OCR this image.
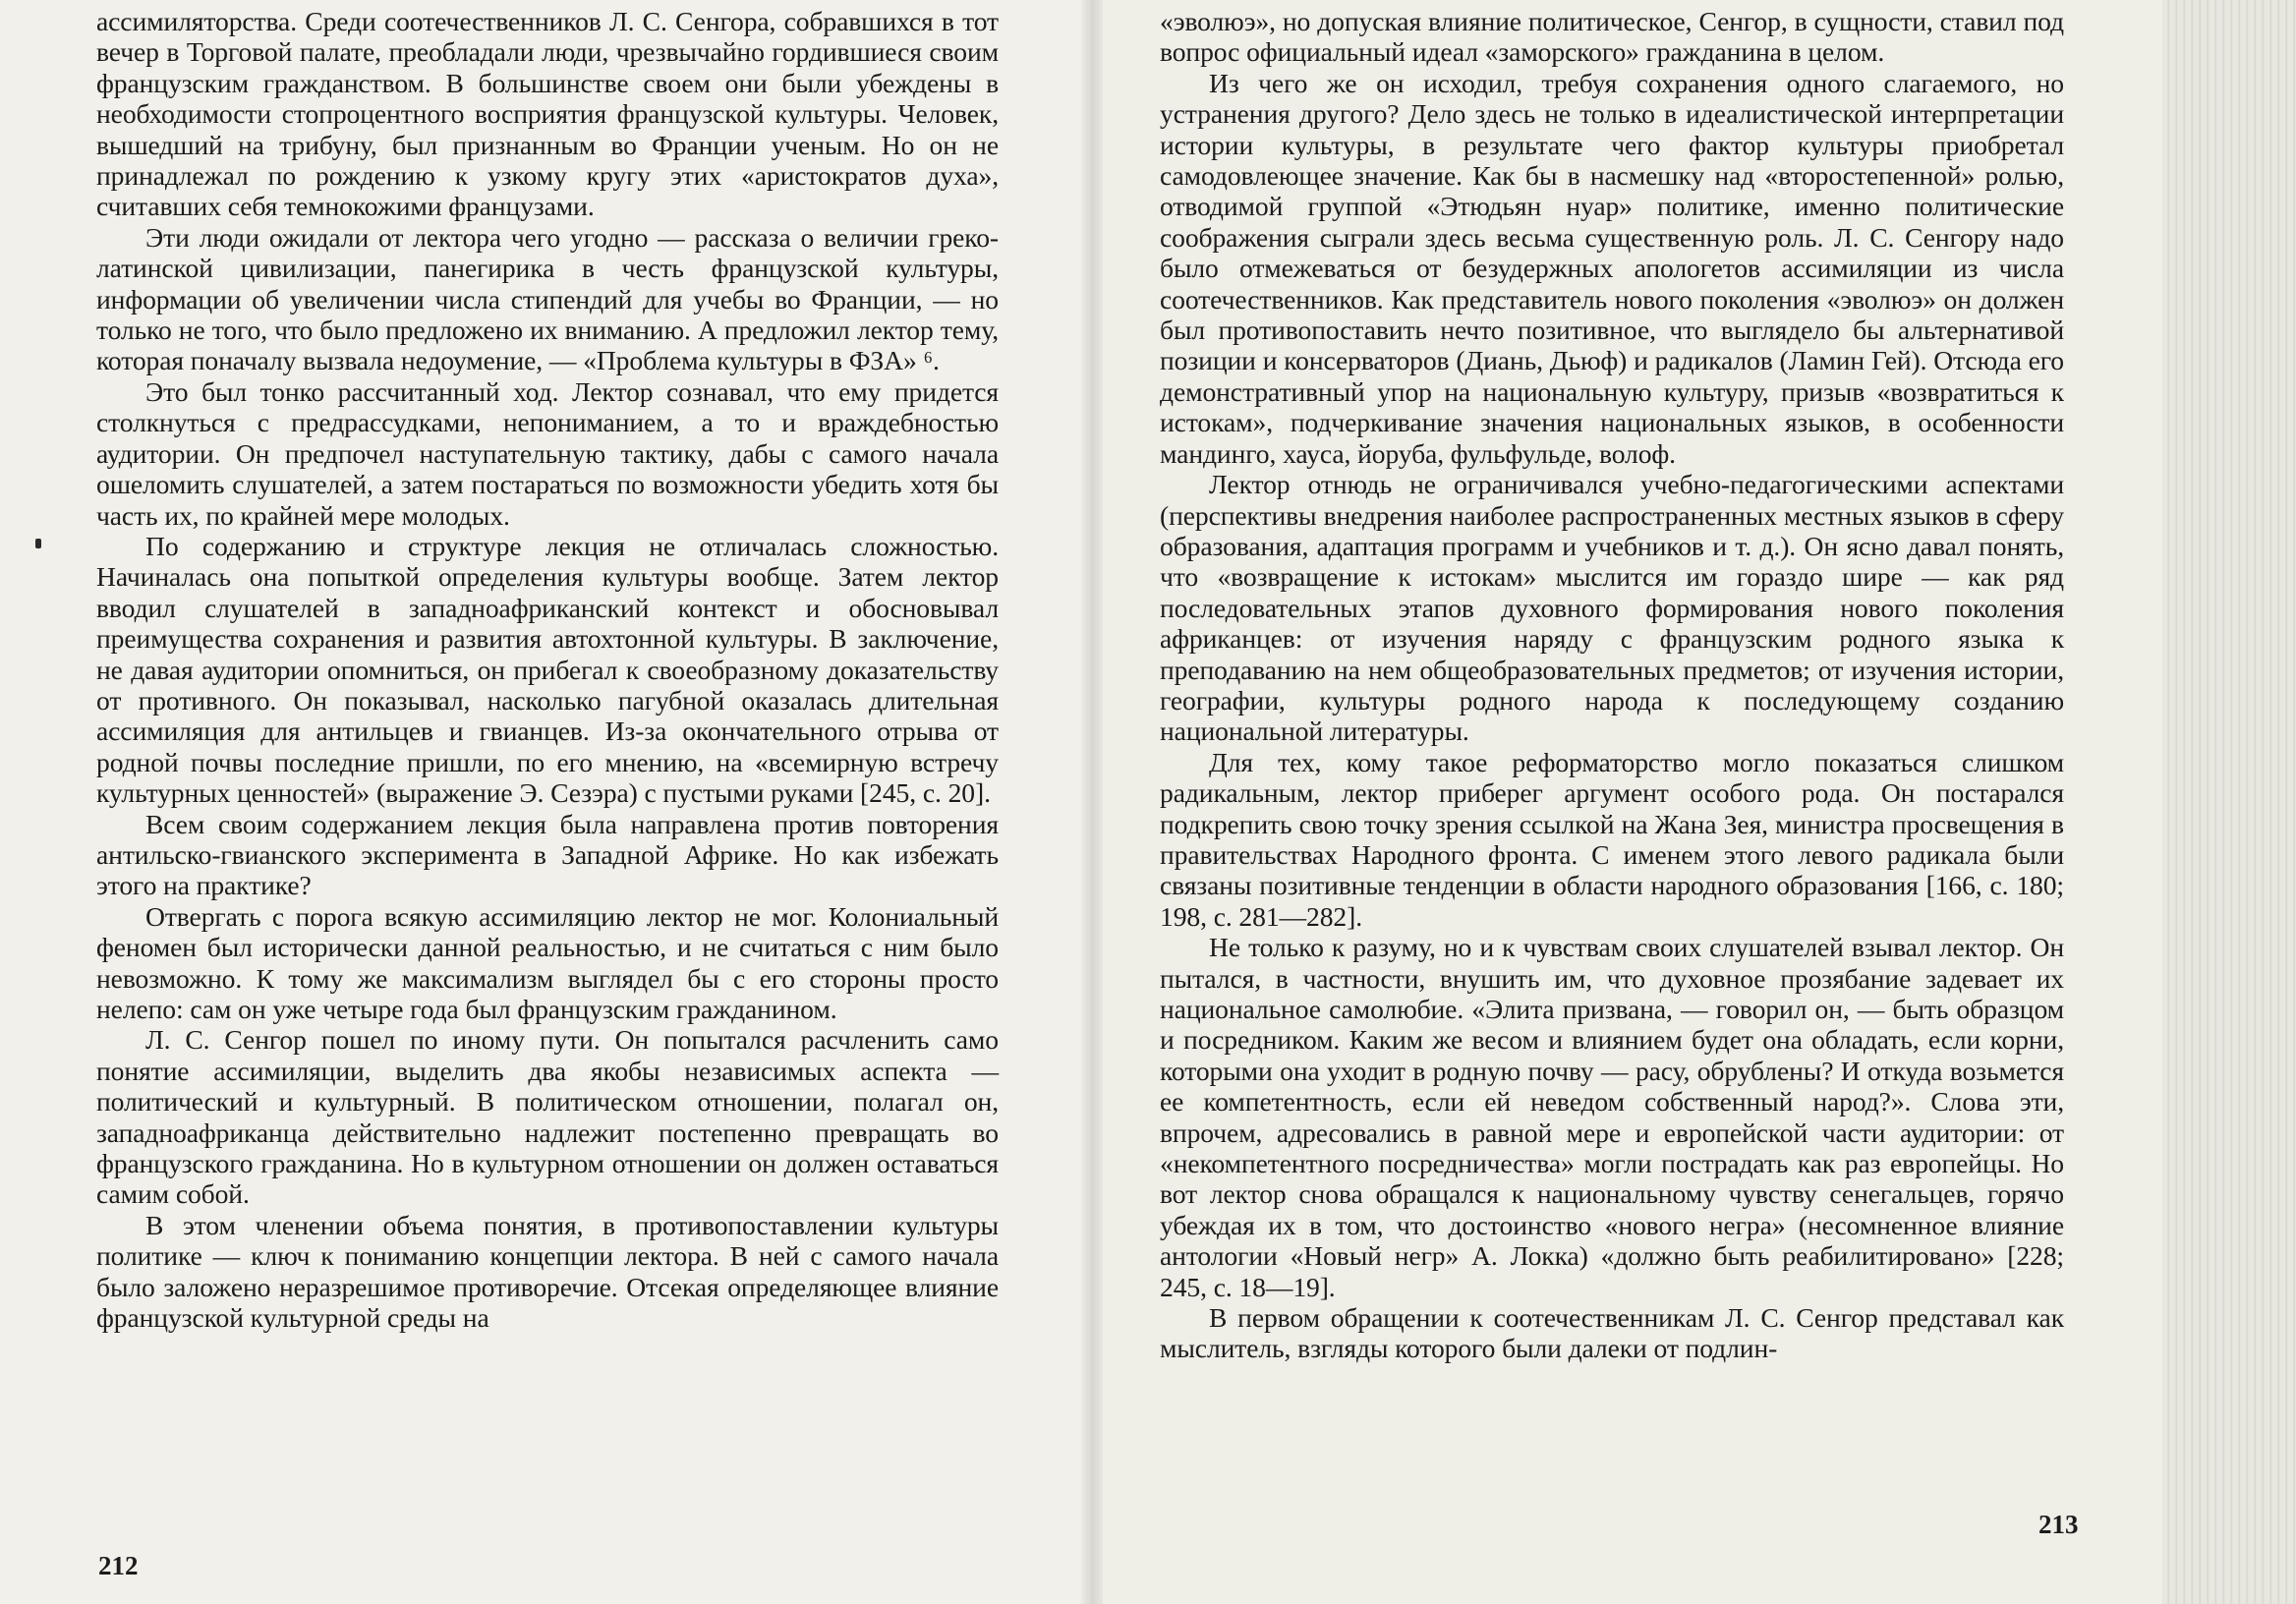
ассимиляторства. Среди соотечественников Л. С. Сенгора, собравшихся в тот вечер в Торговой палате, преобладали люди, чрезвычайно гордившиеся своим французским гражданством. В большинстве своем они были убеждены в необходимости стопроцентного восприятия французской культуры. Человек, вышедший на трибуну, был признанным во Франции ученым. Но он не принадлежал по рождению к узкому кругу этих «аристократов духа», считавших себя темнокожими французами.

Эти люди ожидали от лектора чего угодно — рассказа о величии греко-латинской цивилизации, панегирика в честь французской культуры, информации об увеличении числа стипендий для учебы во Франции, — но только не того, что было предложено их вниманию. А предложил лектор тему, которая поначалу вызвала недоумение, — «Проблема культуры в ФЗА» ⁶.

Это был тонко рассчитанный ход. Лектор сознавал, что ему придется столкнуться с предрассудками, непониманием, а то и враждебностью аудитории. Он предпочел наступательную тактику, дабы с самого начала ошеломить слушателей, а затем постараться по возможности убедить хотя бы часть их, по крайней мере молодых.

По содержанию и структуре лекция не отличалась сложностью. Начиналась она попыткой определения культуры вообще. Затем лектор вводил слушателей в западноафриканский контекст и обосновывал преимущества сохранения и развития автохтонной культуры. В заключение, не давая аудитории опомниться, он прибегал к своеобразному доказательству от противного. Он показывал, насколько пагубной оказалась длительная ассимиляция для антильцев и гвианцев. Из-за окончательного отрыва от родной почвы последние пришли, по его мнению, на «всемирную встречу культурных ценностей» (выражение Э. Сезэра) с пустыми руками [245, с. 20].

Всем своим содержанием лекция была направлена против повторения антильско-гвианского эксперимента в Западной Африке. Но как избежать этого на практике?

Отвергать с порога всякую ассимиляцию лектор не мог. Колониальный феномен был исторически данной реальностью, и не считаться с ним было невозможно. К тому же максимализм выглядел бы с его стороны просто нелепо: сам он уже четыре года был французским гражданином.

Л. С. Сенгор пошел по иному пути. Он попытался расчленить само понятие ассимиляции, выделить два якобы независимых аспекта — политический и культурный. В политическом отношении, полагал он, западноафриканца действительно надлежит постепенно превращать во французского гражданина. Но в культурном отношении он должен оставаться самим собой.

В этом членении объема понятия, в противопоставлении культуры политике — ключ к пониманию концепции лектора. В ней с самого начала было заложено неразрешимое противоречие. Отсекая определяющее влияние французской культурной среды на

212

«эволюэ», но допуская влияние политическое, Сенгор, в сущности, ставил под вопрос официальный идеал «заморского» гражданина в целом.

Из чего же он исходил, требуя сохранения одного слагаемого, но устранения другого? Дело здесь не только в идеалистической интерпретации истории культуры, в результате чего фактор культуры приобретал самодовлеющее значение. Как бы в насмешку над «второстепенной» ролью, отводимой группой «Этюдьян нуар» политике, именно политические соображения сыграли здесь весьма существенную роль. Л. С. Сенгору надо было отмежеваться от безудержных апологетов ассимиляции из числа соотечественников. Как представитель нового поколения «эволюэ» он должен был противопоставить нечто позитивное, что выглядело бы альтернативой позиции и консерваторов (Диань, Дьюф) и радикалов (Ламин Гей). Отсюда его демонстративный упор на национальную культуру, призыв «возвратиться к истокам», подчеркивание значения национальных языков, в особенности мандинго, хауса, йоруба, фульфульде, волоф.

Лектор отнюдь не ограничивался учебно-педагогическими аспектами (перспективы внедрения наиболее распространенных местных языков в сферу образования, адаптация программ и учебников и т. д.). Он ясно давал понять, что «возвращение к истокам» мыслится им гораздо шире — как ряд последовательных этапов духовного формирования нового поколения африканцев: от изучения наряду с французским родного языка к преподаванию на нем общеобразовательных предметов; от изучения истории, географии, культуры родного народа к последующему созданию национальной литературы.

Для тех, кому такое реформаторство могло показаться слишком радикальным, лектор приберег аргумент особого рода. Он постарался подкрепить свою точку зрения ссылкой на Жана Зея, министра просвещения в правительствах Народного фронта. С именем этого левого радикала были связаны позитивные тенденции в области народного образования [166, с. 180; 198, с. 281—282].

Не только к разуму, но и к чувствам своих слушателей взывал лектор. Он пытался, в частности, внушить им, что духовное прозябание задевает их национальное самолюбие. «Элита призвана, — говорил он, — быть образцом и посредником. Каким же весом и влиянием будет она обладать, если корни, которыми она уходит в родную почву — расу, обрублены? И откуда возьмется ее компетентность, если ей неведом собственный народ?». Слова эти, впрочем, адресовались в равной мере и европейской части аудитории: от «некомпетентного посредничества» могли пострадать как раз европейцы. Но вот лектор снова обращался к национальному чувству сенегальцев, горячо убеждая их в том, что достоинство «нового негра» (несомненное влияние антологии «Новый негр» А. Локка) «должно быть реабилитировано» [228; 245, с. 18—19].

В первом обращении к соотечественникам Л. С. Сенгор представал как мыслитель, взгляды которого были далеки от подлин-

213
